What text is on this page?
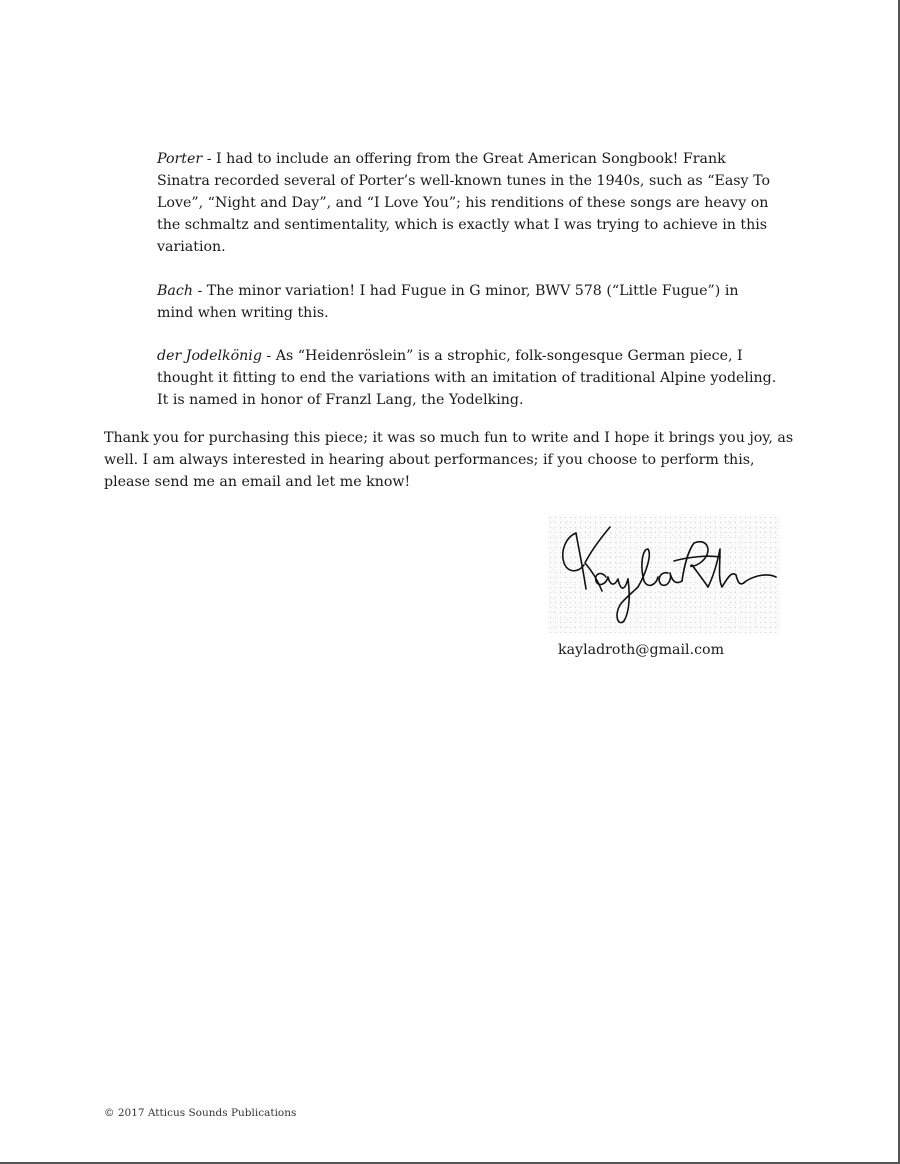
Porter - I had to include an offering from the Great American Songbook! Frank Sinatra recorded several of Porter’s well-known tunes in the 1940s, such as “Easy To Love”, “Night and Day”, and “I Love You”; his renditions of these songs are heavy on the schmaltz and sentimentality, which is exactly what I was trying to achieve in this variation.

Bach - The minor variation! I had Fugue in G minor, BWV 578 (“Little Fugue”) in mind when writing this.

der Jodelkönig - As “Heidenröslein” is a strophic, folk-songesque German piece, I thought it fitting to end the variations with an imitation of traditional Alpine yodeling. It is named in honor of Franzl Lang, the Yodelking.

Thank you for purchasing this piece; it was so much fun to write and I hope it brings you joy, as well. I am always interested in hearing about performances; if you choose to perform this, please send me an email and let me know!

kayladroth@gmail.com
© 2017 Atticus Sounds Publications
